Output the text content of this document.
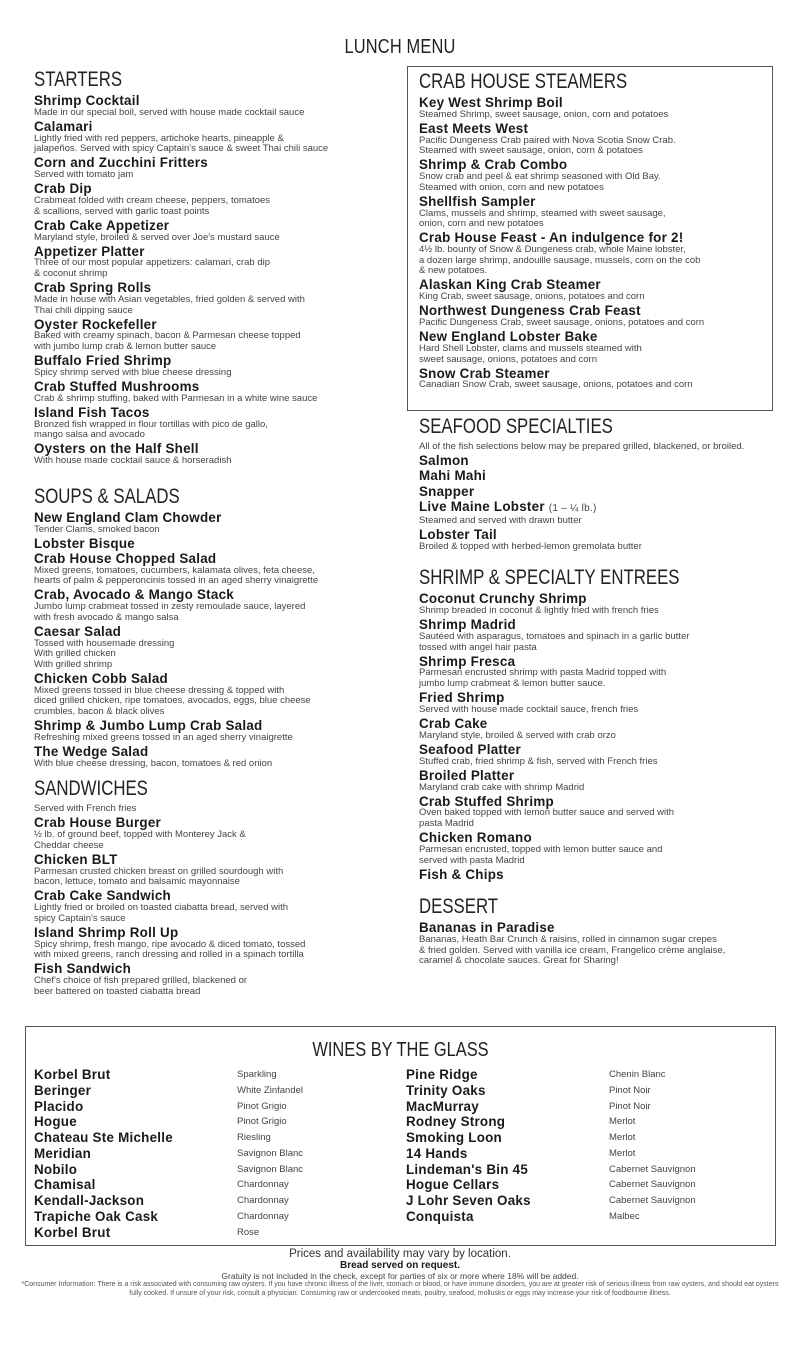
LUNCH MENU
STARTERS
Shrimp Cocktail
Made in our special boil, served with house made cocktail sauce
Calamari
Lightly fried with red peppers, artichoke hearts, pineapple &
jalapeños. Served with spicy Captain's sauce & sweet Thai chili sauce
Corn and Zucchini Fritters
Served with tomato jam
Crab Dip
Crabmeat folded with cream cheese, peppers, tomatoes
& scallions, served with garlic toast points
Crab Cake Appetizer
Maryland style, broiled & served over Joe's mustard sauce
Appetizer Platter
Three of our most popular appetizers: calamari, crab dip
& coconut shrimp
Crab Spring Rolls
Made in house with Asian vegetables, fried golden & served with
Thai chili dipping sauce
Oyster Rockefeller
Baked with creamy spinach, bacon & Parmesan cheese topped
with jumbo lump crab & lemon butter sauce
Buffalo Fried Shrimp
Spicy shrimp served with blue cheese dressing
Crab Stuffed Mushrooms
Crab & shrimp stuffing, baked with Parmesan in a white wine sauce
Island Fish Tacos
Bronzed fish wrapped in flour tortillas with pico de gallo,
mango salsa and avocado
Oysters on the Half Shell
With house made cocktail sauce & horseradish
SOUPS & SALADS
New England Clam Chowder
Tender Clams, smoked bacon
Lobster Bisque
Crab House Chopped Salad
Mixed greens, tomatoes, cucumbers, kalamata olives, feta cheese,
hearts of palm & pepperoncinis tossed in an aged sherry vinaigrette
Crab, Avocado & Mango Stack
Jumbo lump crabmeat tossed in zesty remoulade sauce, layered
with fresh avocado & mango salsa
Caesar Salad
Tossed with housemade dressing
With grilled chicken
With grilled shrimp
Chicken Cobb Salad
Mixed greens tossed in blue cheese dressing & topped with
diced grilled chicken, ripe tomatoes, avocados, eggs, blue cheese
crumbles, bacon & black olives
Shrimp & Jumbo Lump Crab Salad
Refreshing mixed greens tossed in an aged sherry vinaigrette
The Wedge Salad
With blue cheese dressing, bacon, tomatoes & red onion
SANDWICHES
Served with French fries
Crab House Burger
½ lb. of ground beef, topped with Monterey Jack &
Cheddar cheese
Chicken BLT
Parmesan crusted chicken breast on grilled sourdough with
bacon, lettuce, tomato and balsamic mayonnaise
Crab Cake Sandwich
Lightly fried or broiled on toasted ciabatta bread, served with
spicy Captain's sauce
Island Shrimp Roll Up
Spicy shrimp, fresh mango, ripe avocado & diced tomato, tossed
with mixed greens, ranch dressing and rolled in a spinach tortilla
Fish Sandwich
Chef's choice of fish prepared grilled, blackened or
beer battered on toasted ciabatta bread
CRAB HOUSE STEAMERS
Key West Shrimp Boil
Steamed Shrimp, sweet sausage, onion, corn and potatoes
East Meets West
Pacific Dungeness Crab paired with Nova Scotia Snow Crab.
Steamed with sweet sausage, onion, corn & potatoes
Shrimp & Crab Combo
Snow crab and peel & eat shrimp seasoned with Old Bay.
Steamed with onion, corn and new potatoes
Shellfish Sampler
Clams, mussels and shrimp, steamed with sweet sausage,
onion, corn and new potatoes
Crab House Feast - An indulgence for 2!
4½ lb. bounty of Snow & Dungeness crab, whole Maine lobster,
a dozen large shrimp, andouille sausage, mussels, corn on the cob
& new potatoes.
Alaskan King Crab Steamer
King Crab, sweet sausage, onions, potatoes and corn
Northwest Dungeness Crab Feast
Pacific Dungeness Crab, sweet sausage, onions, potatoes and corn
New England Lobster Bake
Hard Shell Lobster, clams and mussels steamed with
sweet sausage, onions, potatoes and corn
Snow Crab Steamer
Canadian Snow Crab, sweet sausage, onions, potatoes and corn
SEAFOOD SPECIALTIES
All of the fish selections below may be prepared grilled, blackened, or broiled.
Salmon
Mahi Mahi
Snapper
Live Maine Lobster (1 – ¼ lb.)
Steamed and served with drawn butter
Lobster Tail
Broiled & topped with herbed-lemon gremolata butter
SHRIMP & SPECIALTY ENTREES
Coconut Crunchy Shrimp
Shrimp breaded in coconut & lightly fried with french fries
Shrimp Madrid
Sautéed with asparagus, tomatoes and spinach in a garlic butter
tossed with angel hair pasta
Shrimp Fresca
Parmesan encrusted shrimp with pasta Madrid topped with
jumbo lump crabmeat & lemon butter sauce.
Fried Shrimp
Served with house made cocktail sauce, french fries
Crab Cake
Maryland style, broiled & served with crab orzo
Seafood Platter
Stuffed crab, fried shrimp & fish, served with French fries
Broiled Platter
Maryland crab cake with shrimp Madrid
Crab Stuffed Shrimp
Oven baked topped with lemon butter sauce and served with
pasta Madrid
Chicken Romano
Parmesan encrusted, topped with lemon butter sauce and
served with pasta Madrid
Fish & Chips
DESSERT
Bananas in Paradise
Bananas, Heath Bar Crunch & raisins, rolled in cinnamon sugar crepes
& fried golden. Served with vanilla ice cream, Frangelico crème anglaise,
caramel & chocolate sauces. Great for Sharing!
WINES BY THE GLASS
Korbel Brut	Sparkling
Beringer	White Zinfandel
Placido	Pinot Grigio
Hogue	Pinot Grigio
Chateau Ste Michelle	Riesling
Meridian	Savignon Blanc
Nobilo	Savignon Blanc
Chamisal	Chardonnay
Kendall-Jackson	Chardonnay
Trapiche Oak Cask	Chardonnay
Korbel Brut	Rose
Pine Ridge	Chenin Blanc
Trinity Oaks	Pinot Noir
MacMurray	Pinot Noir
Rodney Strong	Merlot
Smoking Loon	Merlot
14 Hands	Merlot
Lindeman's Bin 45	Cabernet Sauvignon
Hogue Cellars	Cabernet Sauvignon
J Lohr Seven Oaks	Cabernet Sauvignon
Conquista	Malbec
Prices and availability may vary by location.
Bread served on request.
Gratuity is not included in the check, except for parties of six or more where 18% will be added.
*Consumer Information: There is a risk associated with consuming raw oysters. If you have chronic illness of the liver, stomach or blood, or have immune disorders, you are at greater risk of serious illness from raw oysters, and should eat oysters fully cooked. If unsure of your risk, consult a physician. Consuming raw or undercooked meats, poultry, seafood, mollusks or eggs may increase your risk of foodbourne illness.
